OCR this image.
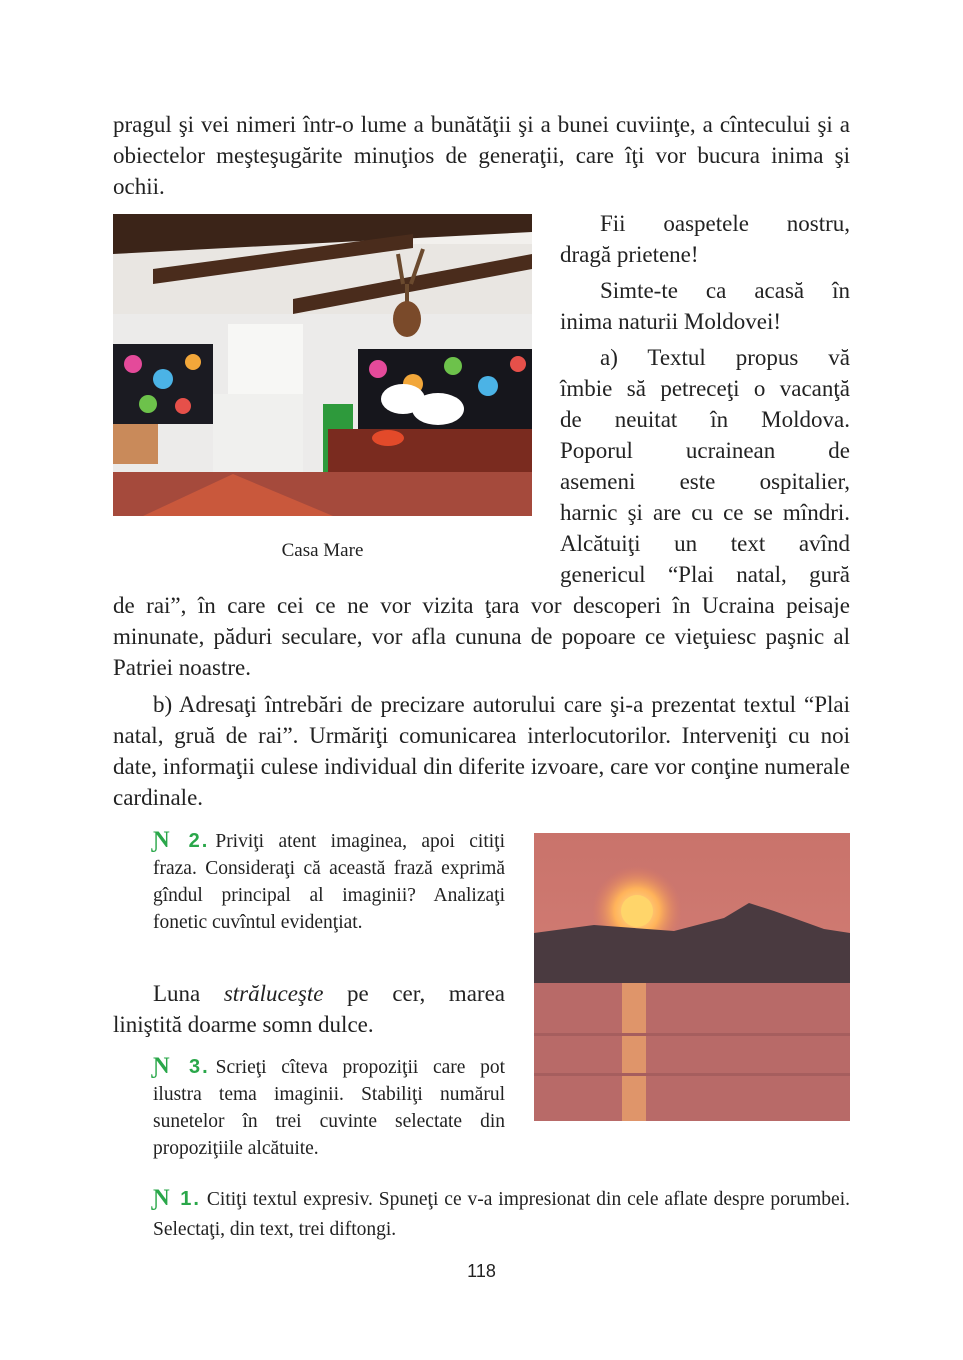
pragul şi vei nimeri într-o lume a bunătăţii şi a bunei cuviinţe, a cîntecului şi a obiectelor meşteşugărite minuţios de generaţii, care îţi vor bucura inima şi ochii.

Casa Mare

Fii oaspetele nostru,

dragă prietene!

Simte-te ca acasă în

inima naturii Moldovei!

a) Textul propus vă

îmbie să petreceţi o vacanţă

de neuitat în Moldova.

Poporul ucrainean de

asemeni este ospitalier,

harnic şi are cu ce se mîndri.

Alcătuiţi un text avînd

genericul “Plai natal, gură

de rai”, în care cei ce ne vor vizita ţara vor descoperi în Ucraina peisaje minunate, păduri seculare, vor afla cununa de popoare ce vieţuiesc paşnic al Patriei noastre.

b) Adresaţi întrebări de precizare autorului care şi-a prezentat textul “Plai natal, gruă de rai”. Urmăriţi comunicarea interlocutorilor. Interveniţi cu noi date, informaţii culese individual din diferite izvoare, care vor conţine numerale cardinale.

Ɲ 2. Priviţi atent imaginea, apoi citiţi fraza. Consideraţi că această frază exprimă gîndul principal al imaginii? Analizaţi fonetic cuvîntul evidenţiat.

Luna străluceşte pe cer, marea liniştită doarme somn dulce.

Ɲ 3. Scrieţi cîteva propoziţii care pot ilustra tema imaginii. Stabiliţi numărul sunetelor în trei cuvinte selectate din propoziţiile alcătuite.
Ɲ 1. Citiţi textul expresiv. Spuneţi ce v-a impresionat din cele aflate despre porumbei. Selectaţi, din text, trei diftongi.
118
